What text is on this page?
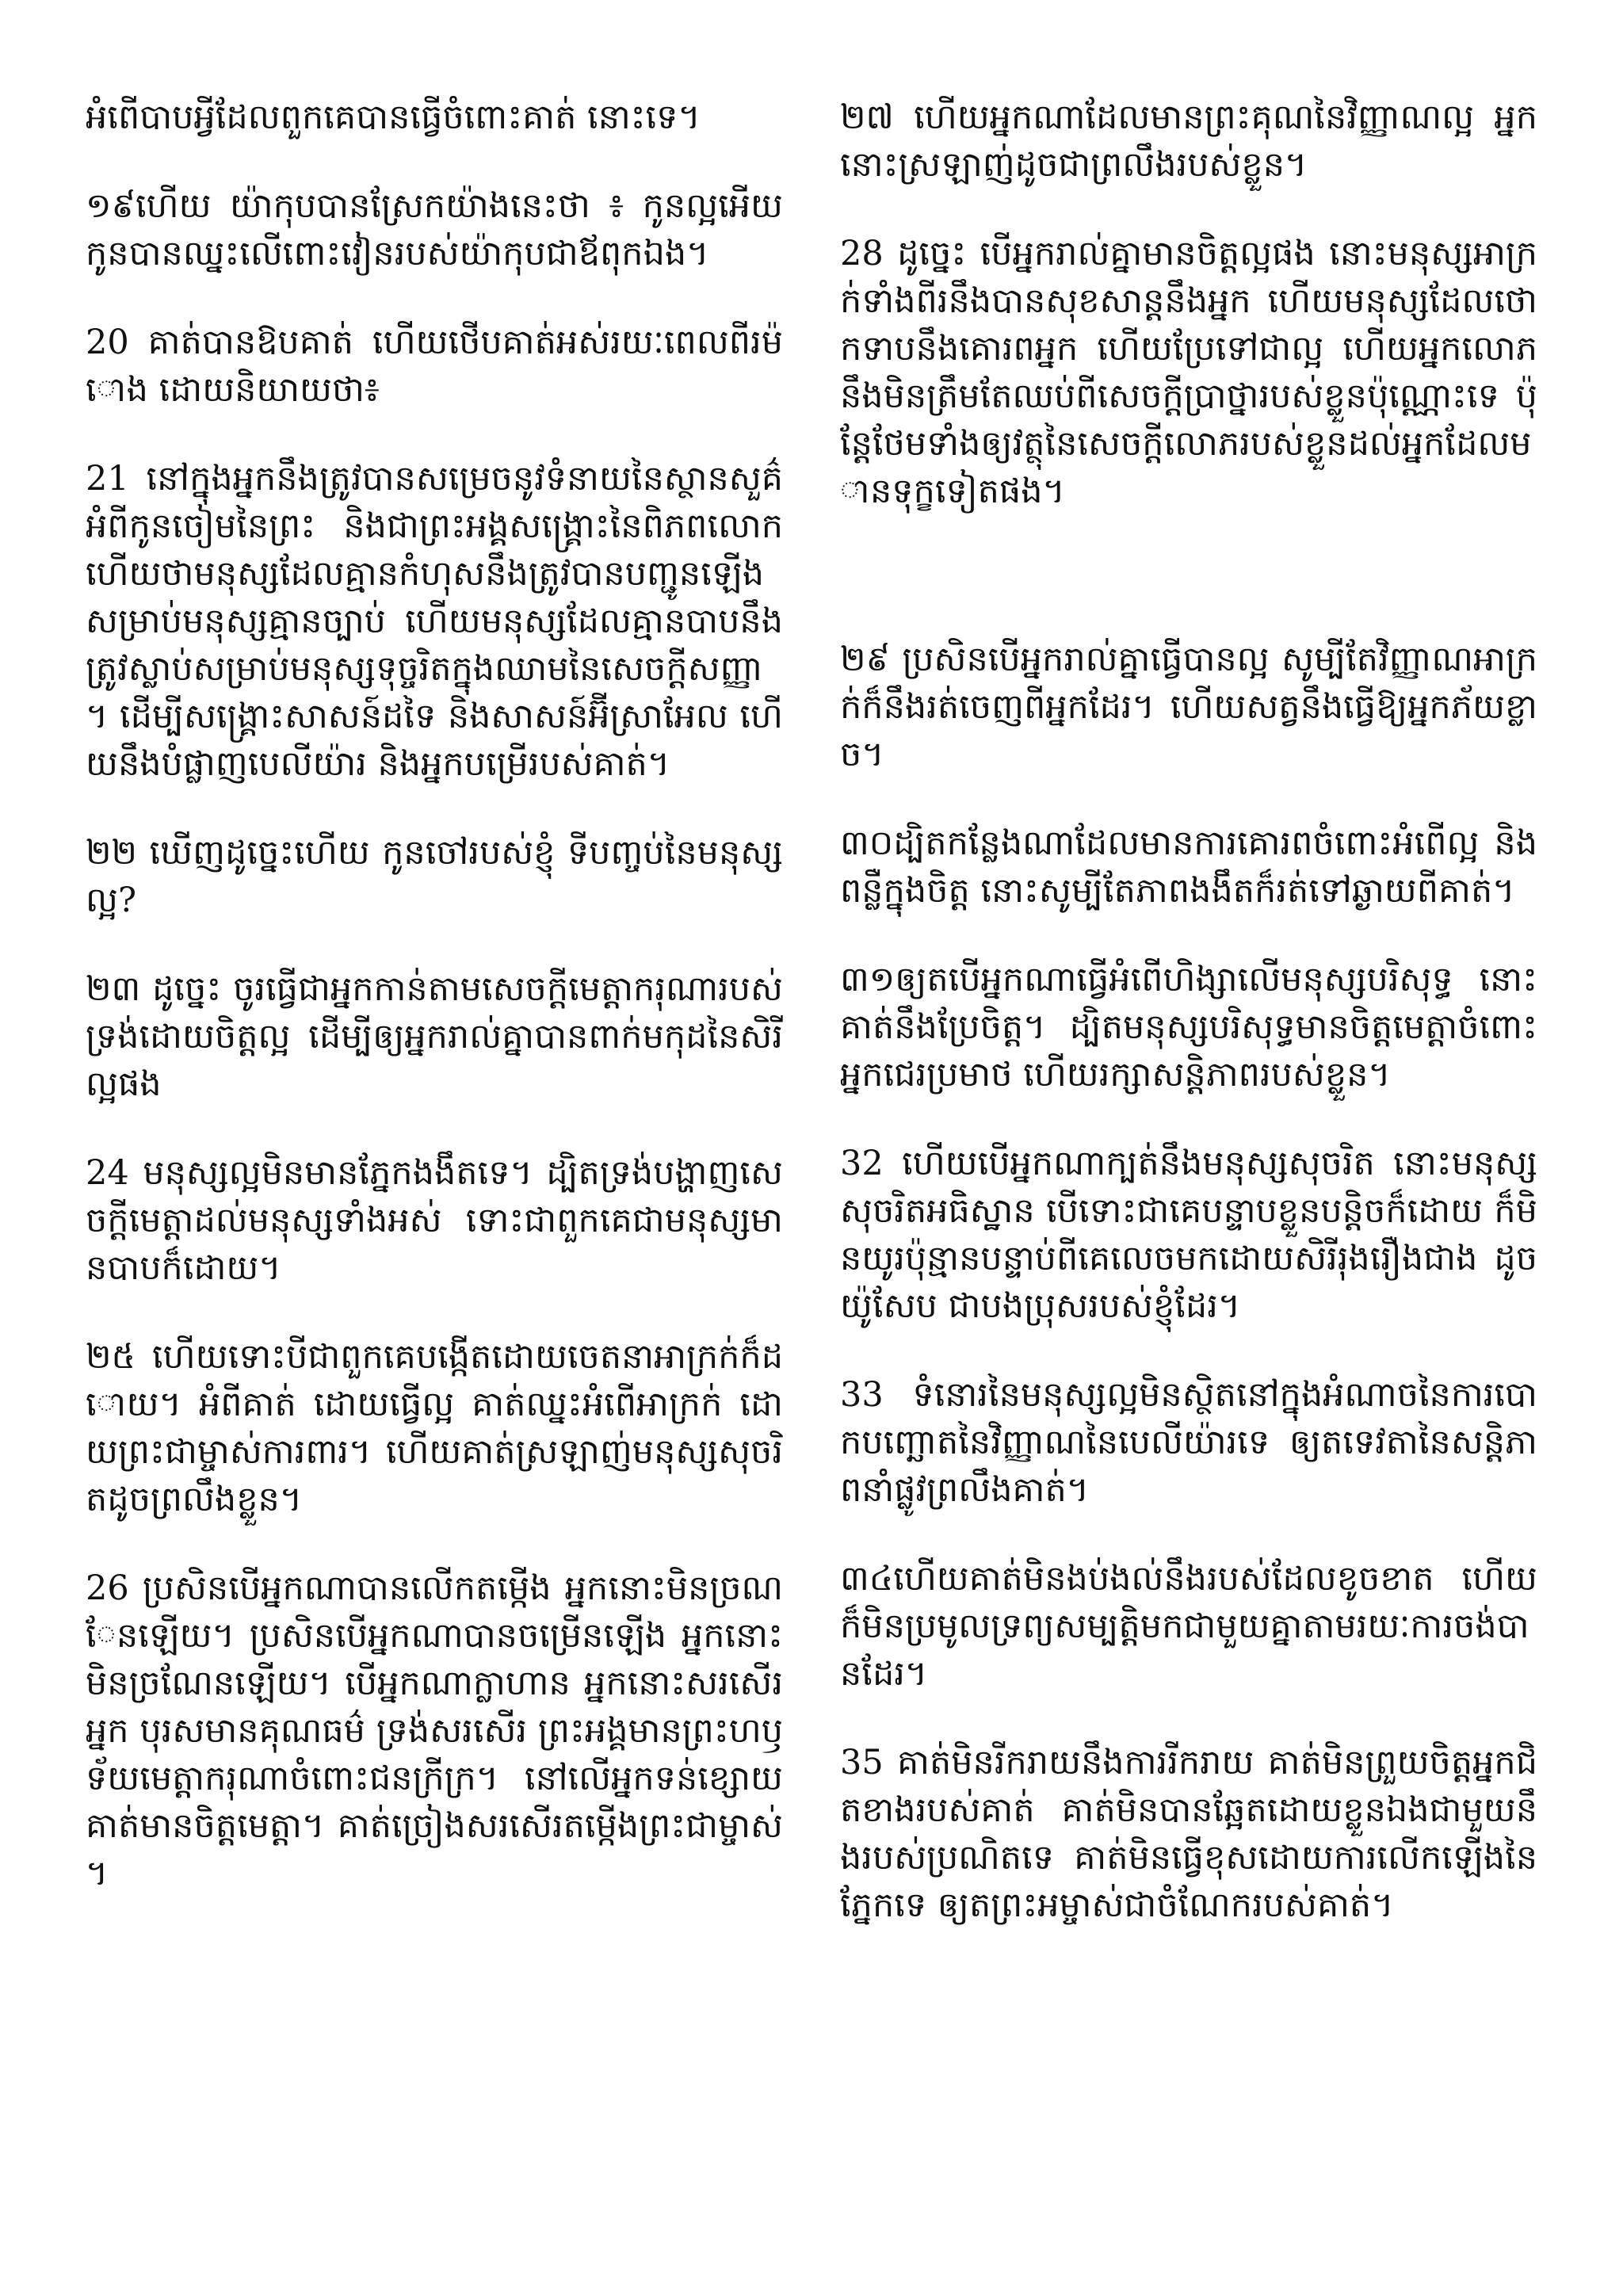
អំពើបាបអ្វីដែលពួកគេបានធ្វើចំពោះគាត់ នោះទេ។

១៩ហើយ យ៉ាកុបបានស្រែកយ៉ាងនេះថា ៖ កូនល្អអើយ កូនបានឈ្នះលើពោះវៀនរបស់យ៉ាកុបជាឪពុកឯង។

20 គាត់បានឱបគាត់ ហើយថើបគាត់អស់រយៈពេលពីរម៉ោង ដោយនិយាយថា៖

21 នៅក្នុងអ្នកនឹងត្រូវបានសម្រេចនូវទំនាយនៃស្ថានសួគ៌អំពីកូនចៀមនៃព្រះ និងជាព្រះអង្គសង្គ្រោះនៃពិភពលោក ហើយថាមនុស្សដែលគ្មានកំហុសនឹងត្រូវបានបញ្ជូនឡើងសម្រាប់មនុស្សគ្មានច្បាប់ ហើយមនុស្សដែលគ្មានបាបនឹងត្រូវស្លាប់សម្រាប់មនុស្សទុច្ចរិតក្នុងឈាមនៃសេចក្តីសញ្ញា។ ដើម្បីសង្គ្រោះសាសន៍ដទៃ និងសាសន៍អ៊ីស្រាអែល ហើយនឹងបំផ្លាញបេលីយ៉ារ និងអ្នកបម្រើរបស់គាត់។

២២ ឃើញដូច្នេះហើយ កូនចៅរបស់ខ្ញុំ ទីបញ្ចប់នៃមនុស្សល្អ?

២៣ ដូច្នេះ ចូរធ្វើជាអ្នកកាន់តាមសេចក្តីមេត្តាករុណារបស់ទ្រង់ដោយចិត្តល្អ ដើម្បីឲ្យអ្នករាល់គ្នាបានពាក់មកុដនៃសិរីល្អផង

24 មនុស្សល្អមិនមានភ្នែកងងឹតទេ។ ដ្បិតទ្រង់បង្ហាញសេចក្តីមេត្តាដល់មនុស្សទាំងអស់ ទោះជាពួកគេជាមនុស្សមានបាបក៏ដោយ។

២៥ ហើយទោះបីជាពួកគេបង្កើតដោយចេតនាអាក្រក់ក៏ដោយ។ អំពីគាត់ ដោយធ្វើល្អ គាត់ឈ្នះអំពើអាក្រក់ ដោយព្រះជាម្ចាស់ការពារ។ ហើយគាត់ស្រឡាញ់មនុស្សសុចរិតដូចព្រលឹងខ្លួន។

26 ប្រសិនបើអ្នកណាបានលើកតម្កើង អ្នកនោះមិនច្រណែនឡើយ។ ប្រសិនបើអ្នកណាបានចម្រើនឡើង អ្នកនោះមិនច្រណែនឡើយ។ បើអ្នកណាក្លាហាន អ្នកនោះសរសើរអ្នក បុរសមានគុណធម៌ ទ្រង់សរសើរ ព្រះអង្គមានព្រះហឫទ័យមេត្តាករុណាចំពោះជនក្រីក្រ។ នៅលើអ្នកទន់ខ្សោយ គាត់មានចិត្តមេត្តា។ គាត់ច្រៀងសរសើរតម្កើងព្រះជាម្ចាស់។

២៧ ហើយអ្នកណាដែលមានព្រះគុណនៃវិញ្ញាណល្អ អ្នកនោះស្រឡាញ់ដូចជាព្រលឹងរបស់ខ្លួន។

28 ដូច្នេះ បើអ្នករាល់គ្នាមានចិត្តល្អផង នោះមនុស្សអាក្រក់ទាំងពីរនឹងបានសុខសាន្តនឹងអ្នក ហើយមនុស្សដែលថោកទាបនឹងគោរពអ្នក ហើយប្រែទៅជាល្អ ហើយអ្នកលោភនឹងមិនត្រឹមតែឈប់ពីសេចក្តីប្រាថ្នារបស់ខ្លួនប៉ុណ្ណោះទេ ប៉ុន្តែថែមទាំងឲ្យវត្ថុនៃសេចក្តីលោភរបស់ខ្លួនដល់អ្នកដែលមានទុក្ខទៀតផង។

២៩ ប្រសិនបើអ្នករាល់គ្នាធ្វើបានល្អ សូម្បីតែវិញ្ញាណអាក្រក់ក៏នឹងរត់ចេញពីអ្នកដែរ។ ហើយសត្វនឹងធ្វើឱ្យអ្នកភ័យខ្លាច។

៣០ដ្បិតកន្លែងណាដែលមានការគោរពចំពោះអំពើល្អ និងពន្លឺក្នុងចិត្ត នោះសូម្បីតែភាពងងឹតក៏រត់ទៅឆ្ងាយពីគាត់។

៣១ឲ្យតបើអ្នកណាធ្វើអំពើហិង្សាលើមនុស្សបរិសុទ្ធ នោះគាត់នឹងប្រែចិត្ត។ ដ្បិតមនុស្សបរិសុទ្ធមានចិត្តមេត្តាចំពោះអ្នកជេរប្រមាថ ហើយរក្សាសន្តិភាពរបស់ខ្លួន។

32 ហើយបើអ្នកណាក្បត់នឹងមនុស្សសុចរិត នោះមនុស្សសុចរិតអធិស្ឋាន បើទោះជាគេបន្ទាបខ្លួនបន្តិចក៏ដោយ ក៏មិនយូរប៉ុន្មានបន្ទាប់ពីគេលេចមកដោយសិរីរុងរឿងជាង ដូចយ៉ូសែប ជាបងប្រុសរបស់ខ្ញុំដែរ។

33 ទំនោរនៃមនុស្សល្អមិនស្ថិតនៅក្នុងអំណាចនៃការបោកបញ្ឆោតនៃវិញ្ញាណនៃបេលីយ៉ារទេ ឲ្យតទេវតានៃសន្តិភាពនាំផ្លូវព្រលឹងគាត់។

៣៤ហើយគាត់មិនងប់ងល់នឹងរបស់ដែលខូចខាត ហើយក៏មិនប្រមូលទ្រព្យសម្បត្តិមកជាមួយគ្នាតាមរយៈការចង់បានដែរ។

35 គាត់មិនរីករាយនឹងការរីករាយ គាត់មិនព្រួយចិត្តអ្នកជិតខាងរបស់គាត់ គាត់មិនបានឆ្អែតដោយខ្លួនឯងជាមួយនឹងរបស់ប្រណិតទេ គាត់មិនធ្វើខុសដោយការលើកឡើងនៃភ្នែកទេ ឲ្យតព្រះអម្ចាស់ជាចំណែករបស់គាត់។
